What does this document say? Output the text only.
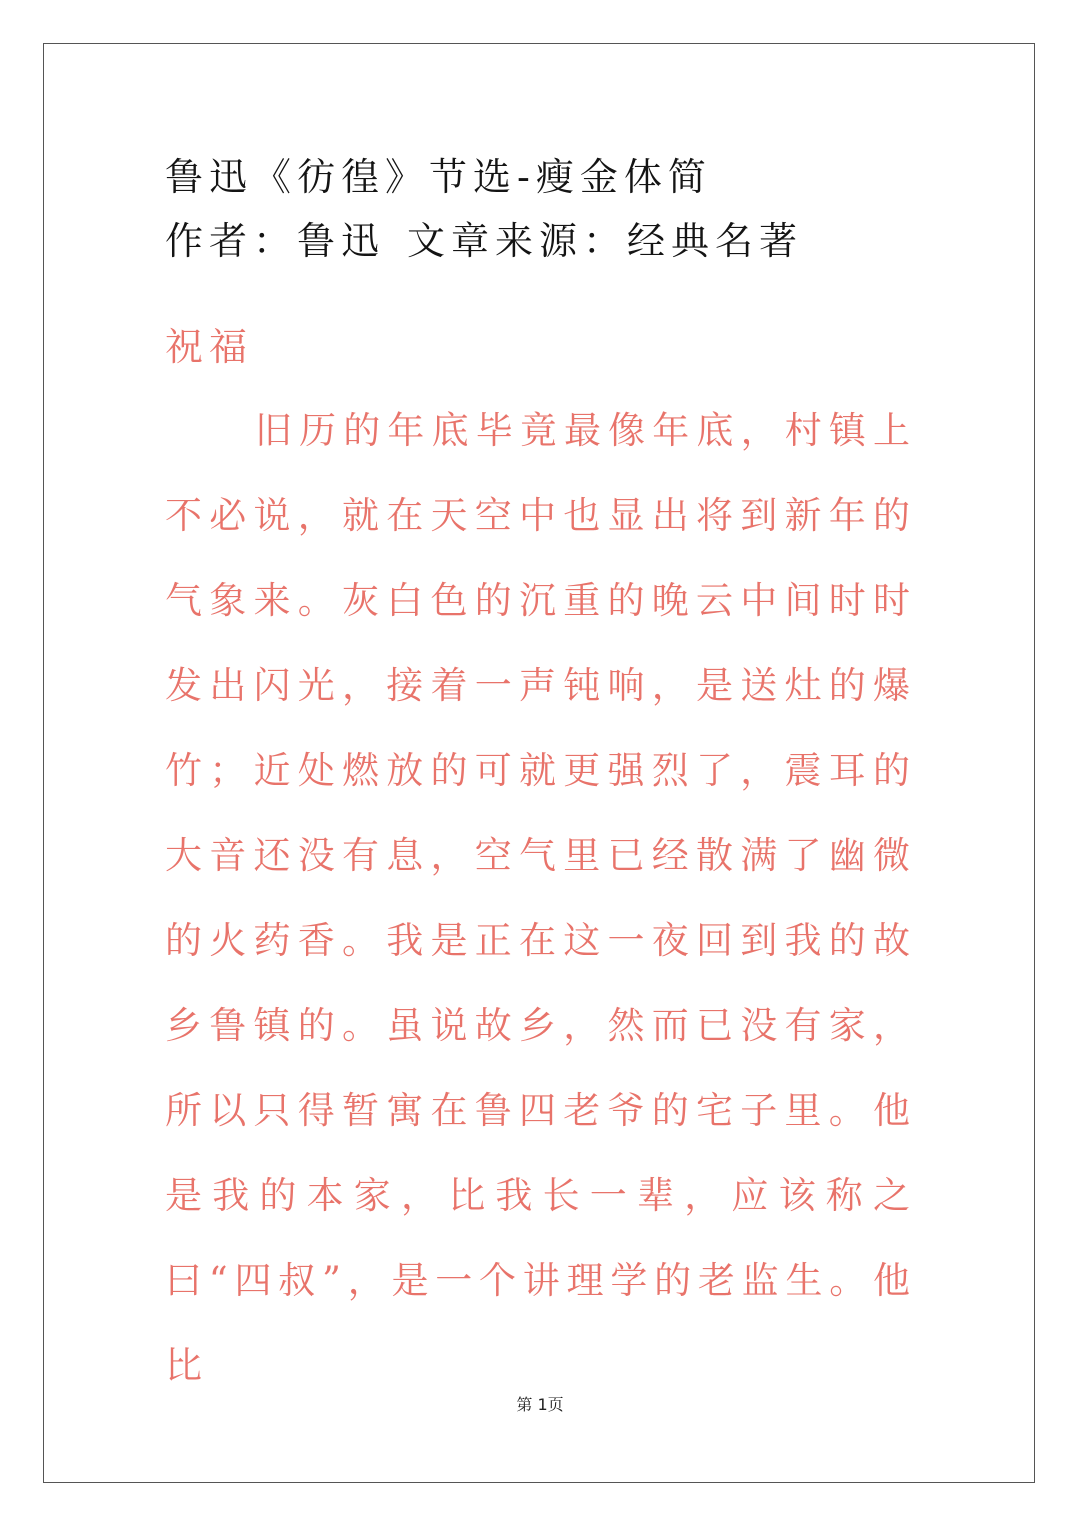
鲁迅《彷徨》节选-瘦金体简
作者：鲁迅 文章来源：经典名著
祝福

旧历的年底毕竟最像年底，村镇上不必说，就在天空中也显出将到新年的气象来。灰白色的沉重的晚云中间时时发出闪光，接着一声钝响，是送灶的爆竹；近处燃放的可就更强烈了，震耳的大音还没有息，空气里已经散满了幽微的火药香。我是正在这一夜回到我的故乡鲁镇的。虽说故乡，然而已没有家，所以只得暂寓在鲁四老爷的宅子里。他是我的本家，比我长一辈，应该称之曰“四叔”，是一个讲理学的老监生。他比

第 1页
